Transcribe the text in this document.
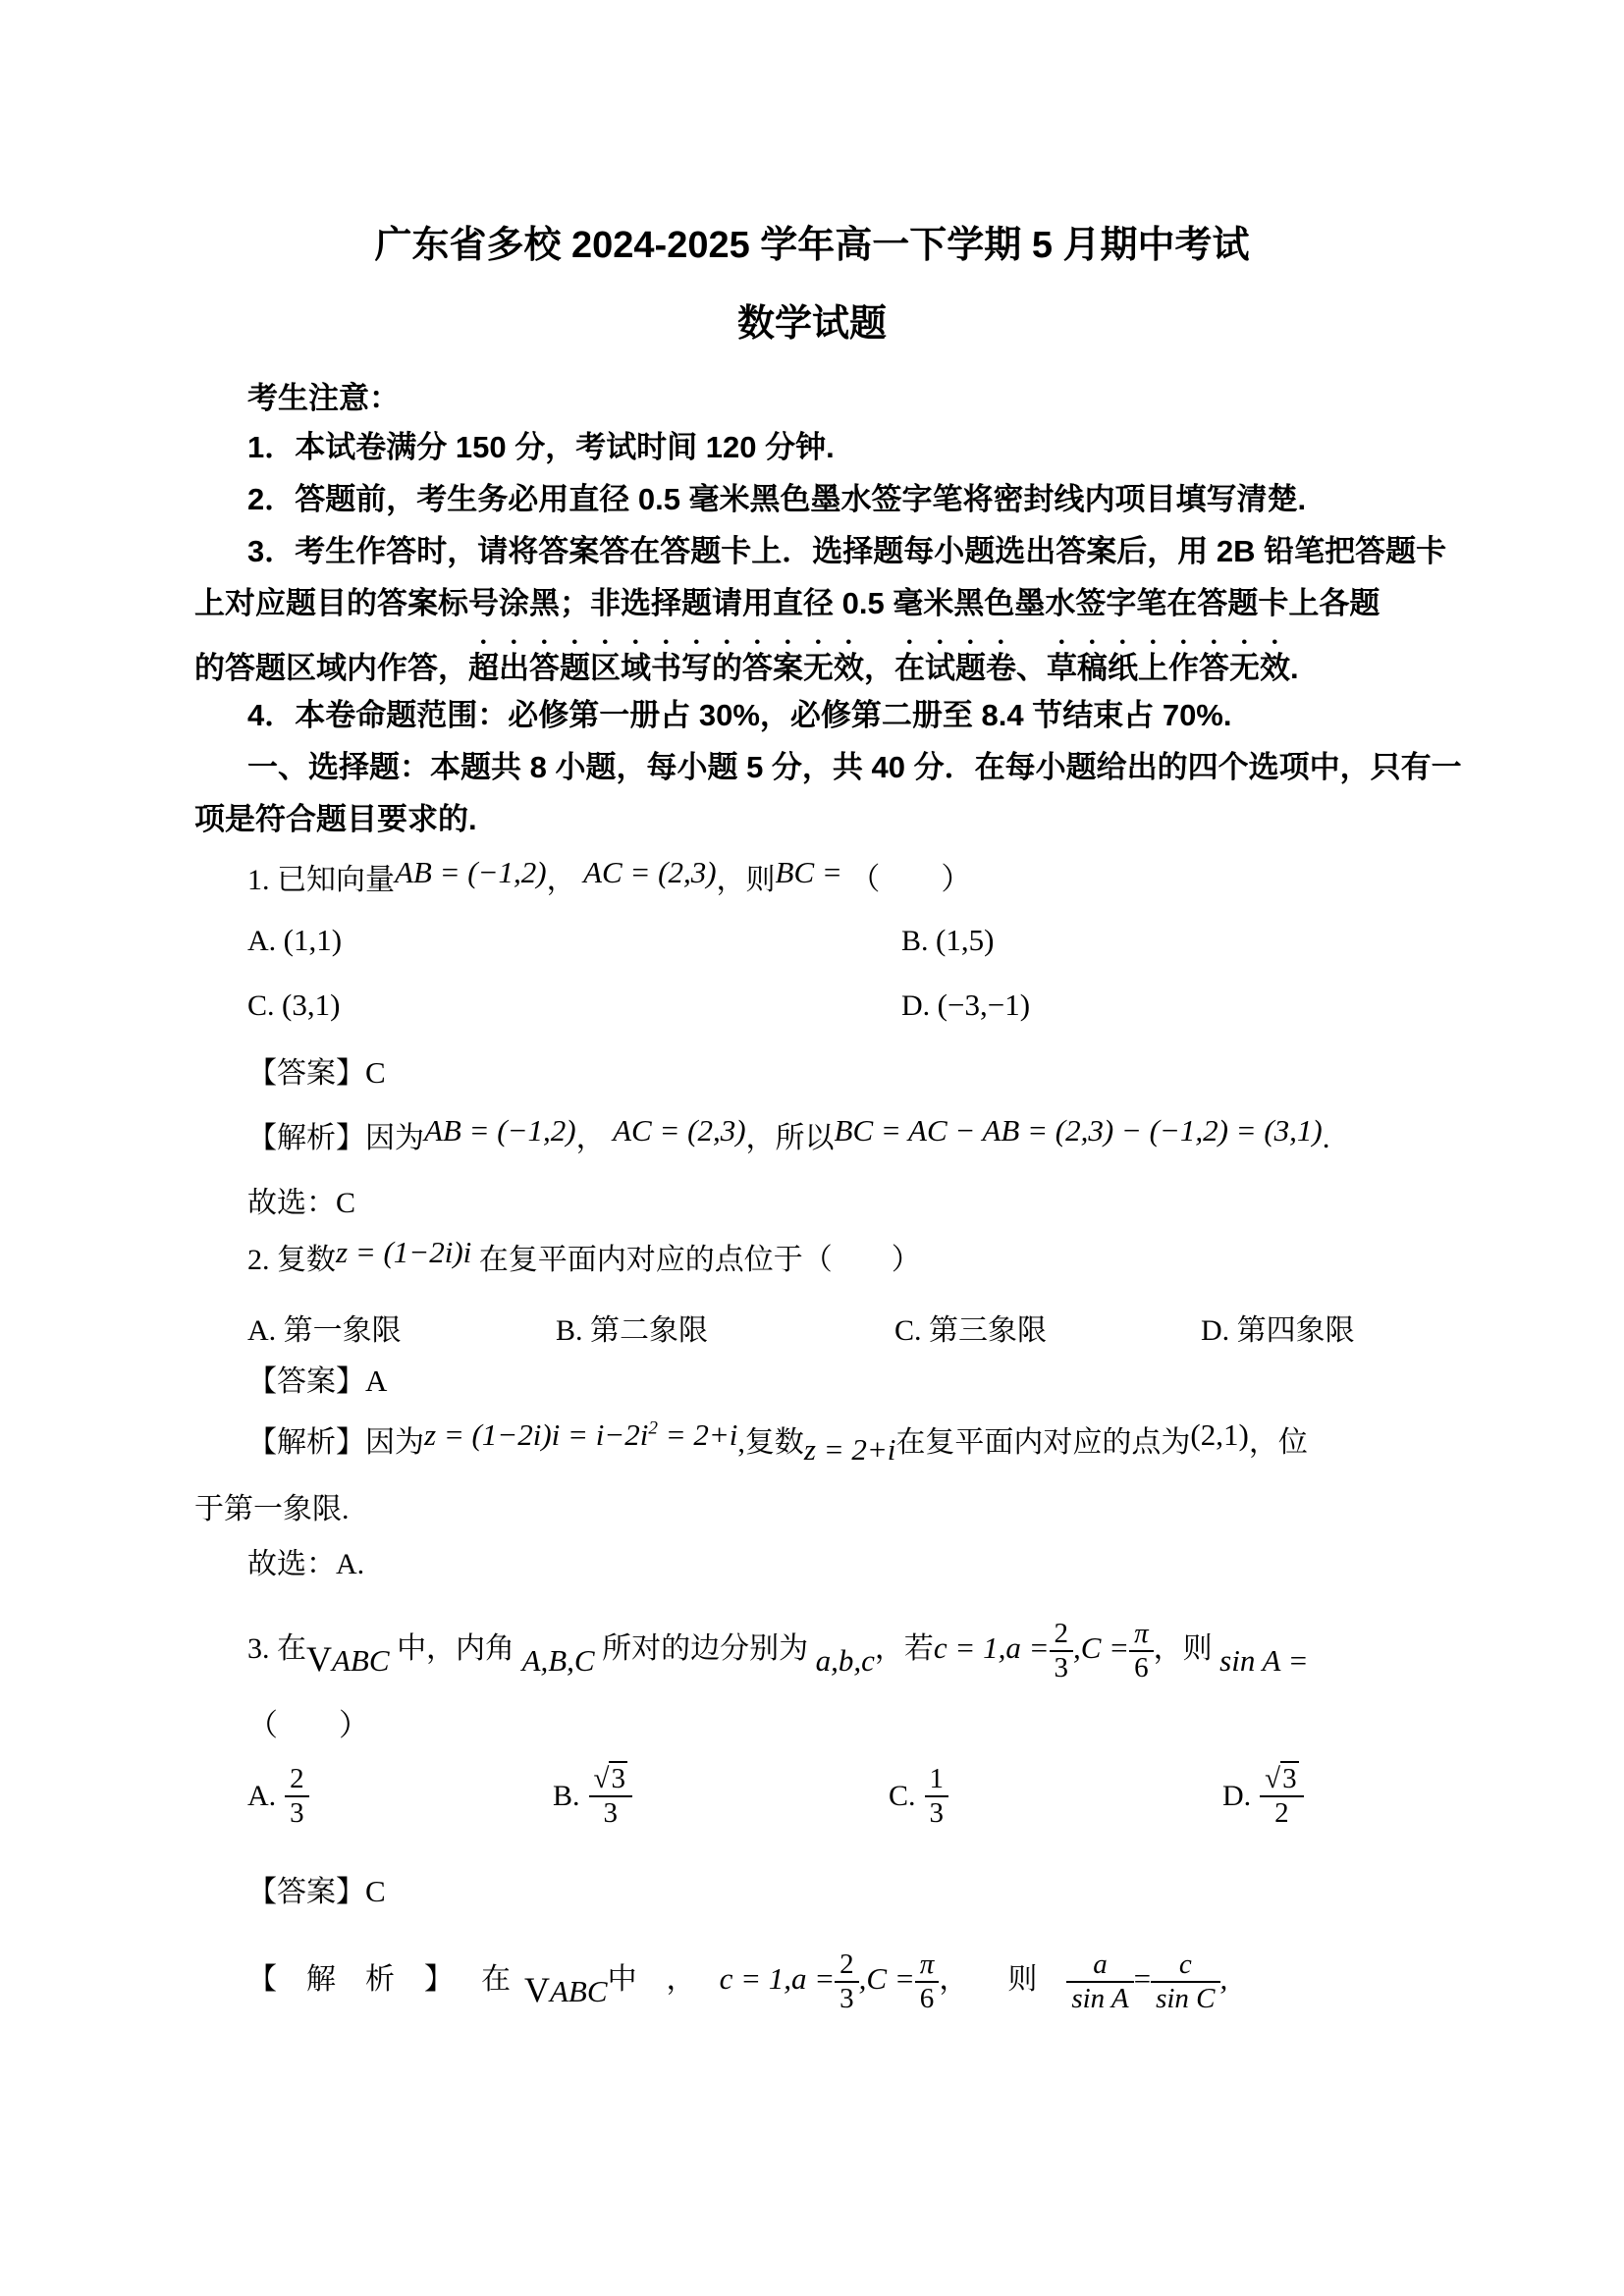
广东省多校 2024-2025 学年高一下学期 5 月期中考试
数学试题
考生注意：
1．本试卷满分 150 分，考试时间 120 分钟.
2．答题前，考生务必用直径 0.5 毫米黑色墨水签字笔将密封线内项目填写清楚.
3．考生作答时，请将答案答在答题卡上．选择题每小题选出答案后，用 2B 铅笔把答题卡
上对应题目的答案标号涂黑；非选择题请用直径 0.5 毫米黑色墨水签字笔在答题卡上各题
的答题区域内作答，超出答题区域书写的答案无效，在试题卷、草稿纸上作答无效.
4．本卷命题范围：必修第一册占 30%，必修第二册至 8.4 节结束占 70%.
一、选择题：本题共 8 小题，每小题 5 分，共 40 分．在每小题给出的四个选项中，只有一
项是符合题目要求的.
1. 已知向量AB = (−1,2)， AC = (2,3)，则BC = （　　）
A. (1,1)	B. (1,5)
C. (3,1)	D. (−3,−1)
【答案】C
【解析】因为AB = (−1,2)， AC = (2,3)，所以BC = AC − AB = (2,3) − (−1,2) = (3,1).
故选：C
2. 复数z = (1−2i)i 在复平面内对应的点位于（　　）
A. 第一象限	B. 第二象限	C. 第三象限	D. 第四象限
【答案】A
【解析】因为$z = (1-2i)i = i-2i^2 = 2+i$,复数z = 2+i在复平面内对应的点为(2,1)，位
于第一象限.
故选：A.
3. 在VABC 中，内角 A,B,C 所对的边分别为 a,b,c，若$c = 1,a = \frac{2}{3} ,C = \frac{\pi}{6}$ ，则 sin A =
（　　）
A.
2
3
B.
√3
3
C.
1
3
D.
√3
2
【答案】C
【　解　析　】 在 VABC中　， $c = 1,a = \frac{2}{3} ,C = \frac{\pi}{6}$ ， 则 $\frac{a}{\text{sin A}} = \frac{c}{\text{sin C}}$ ,
